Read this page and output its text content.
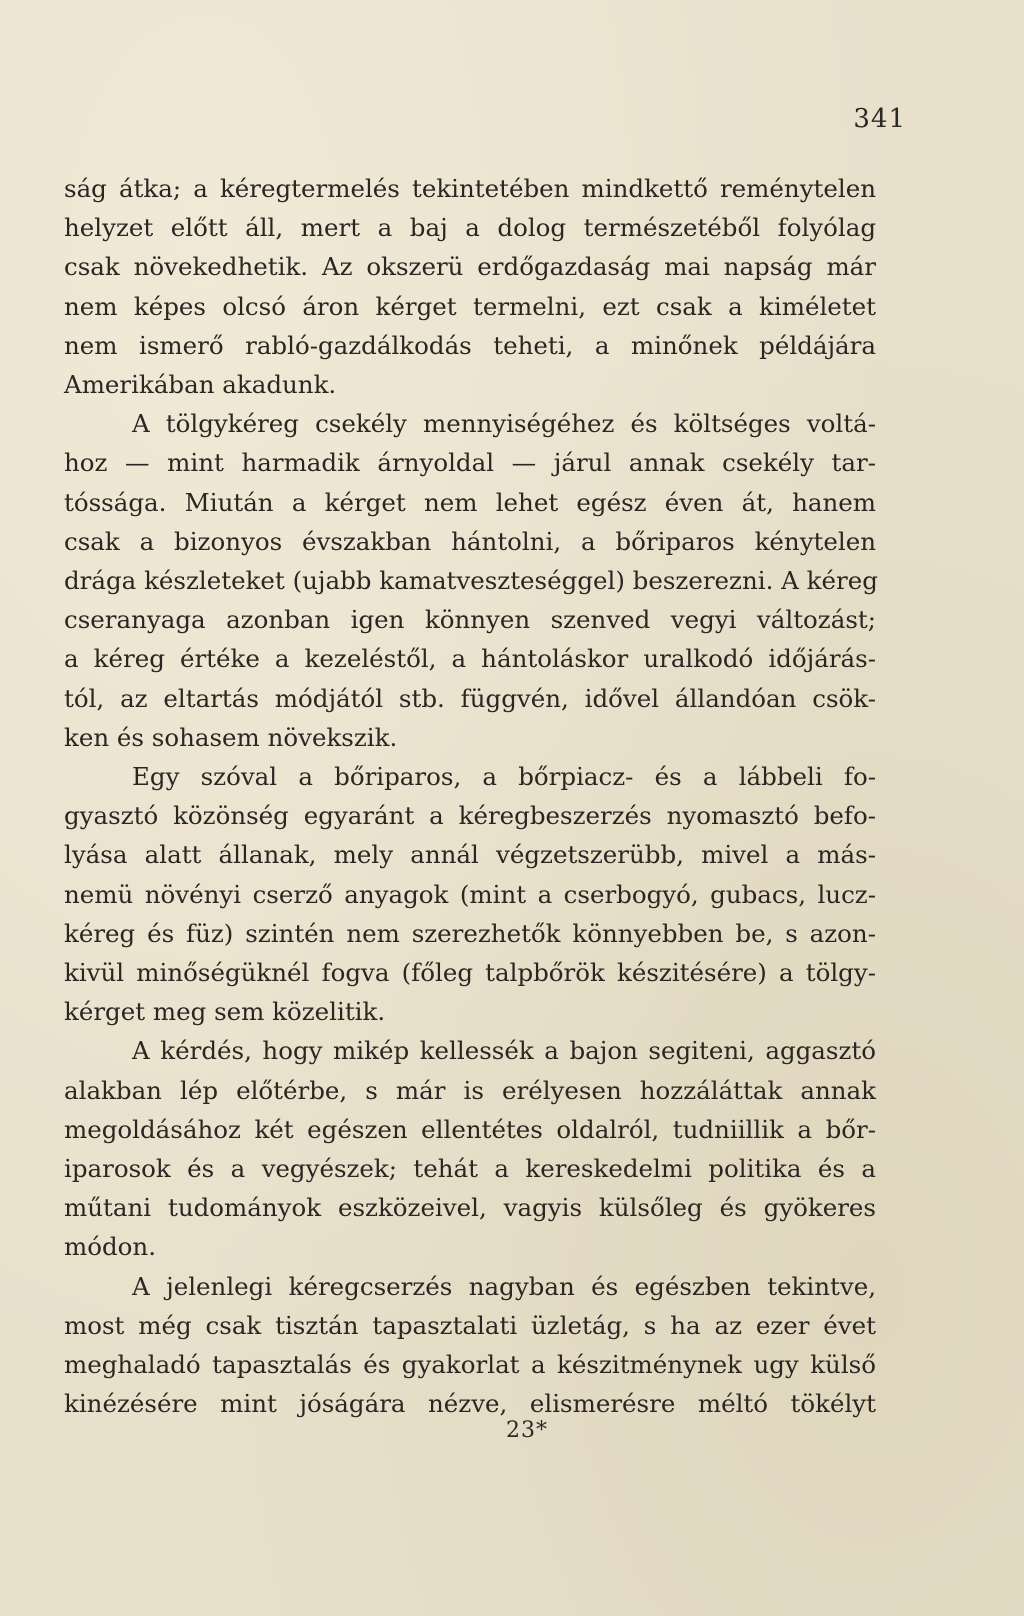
341

ság átka; a kéregtermelés tekintetében mindkettő reménytelen

helyzet előtt áll, mert a baj a dolog természetéből folyólag

csak növekedhetik. Az okszerü erdőgazdaság mai napság már

nem képes olcsó áron kérget termelni, ezt csak a kiméletet

nem ismerő rabló-gazdálkodás teheti, a minőnek példájára

Amerikában akadunk.

A tölgykéreg csekély mennyiségéhez és költséges voltá-

hoz — mint harmadik árnyoldal — járul annak csekély tar-

tóssága. Miután a kérget nem lehet egész éven át, hanem

csak a bizonyos évszakban hántolni, a bőriparos kénytelen

drága készleteket (ujabb kamatveszteséggel) beszerezni. A kéreg

cseranyaga azonban igen könnyen szenved vegyi változást;

a kéreg értéke a kezeléstől, a hántoláskor uralkodó időjárás-

tól, az eltartás módjától stb. függvén, idővel állandóan csök-

ken és sohasem növekszik.

Egy szóval a bőriparos, a bőrpiacz- és a lábbeli fo-

gyasztó közönség egyaránt a kéregbeszerzés nyomasztó befo-

lyása alatt állanak, mely annál végzetszerübb, mivel a más-

nemü növényi cserző anyagok (mint a cserbogyó, gubacs, lucz-

kéreg és füz) szintén nem szerezhetők könnyebben be, s azon-

kivül minőségüknél fogva (főleg talpbőrök készitésére) a tölgy-

kérget meg sem közelitik.

A kérdés, hogy mikép kellessék a bajon segiteni, aggasztó

alakban lép előtérbe, s már is erélyesen hozzáláttak annak

megoldásához két egészen ellentétes oldalról, tudniillik a bőr-

iparosok és a vegyészek; tehát a kereskedelmi politika és a

műtani tudományok eszközeivel, vagyis külsőleg és gyökeres

módon.

A jelenlegi kéregcserzés nagyban és egészben tekintve,

most még csak tisztán tapasztalati üzletág, s ha az ezer évet

meghaladó tapasztalás és gyakorlat a készitménynek ugy külső

kinézésére mint jóságára nézve, elismerésre méltó tökélyt

23*
